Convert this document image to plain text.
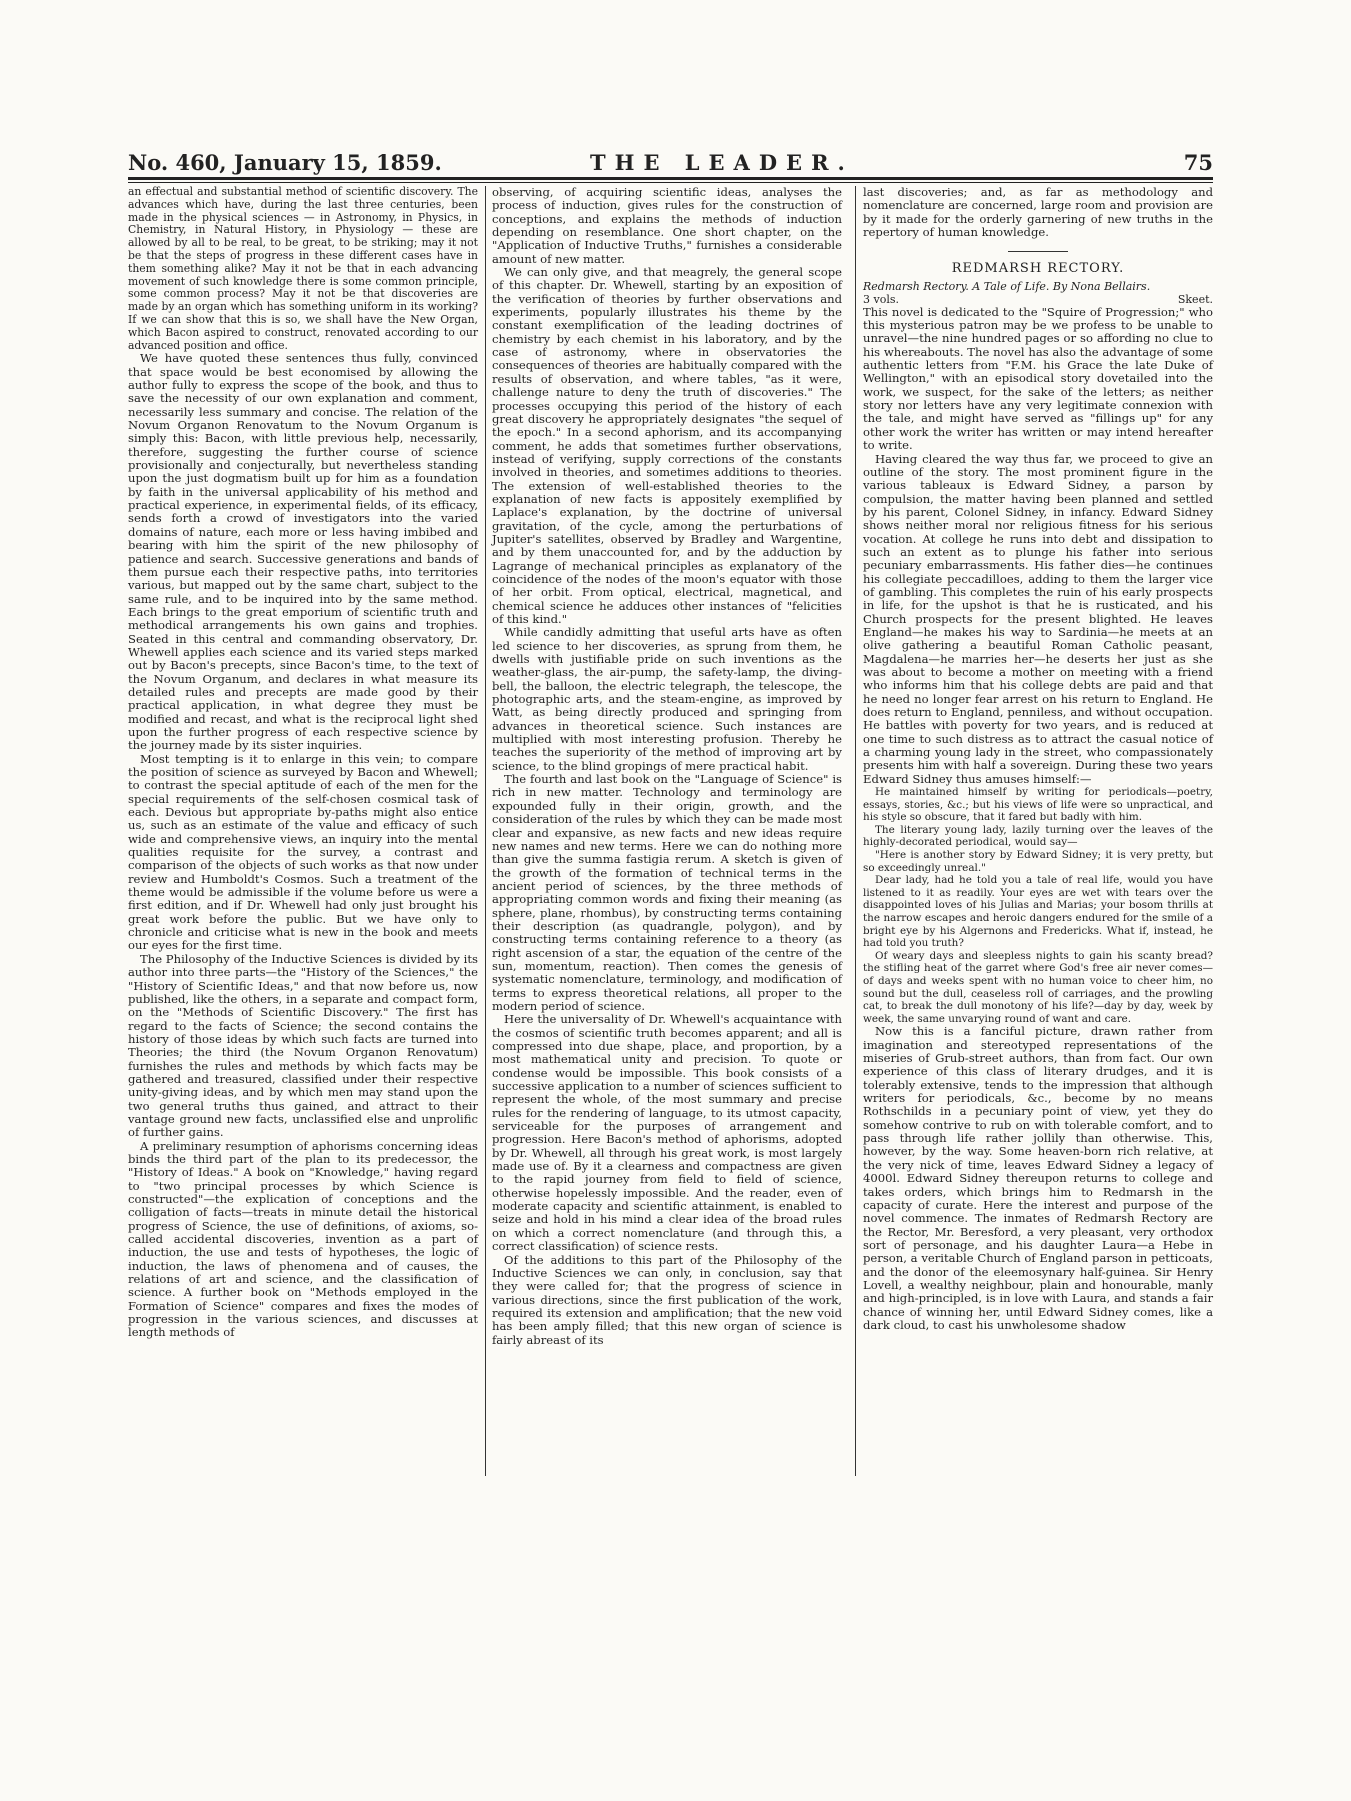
No. 460, January 15, 1859.	THE LEADER.	75

an effectual and substantial method of scientific discovery. The advances which have, during the last three centuries, been made in the physical sciences — in Astronomy, in Physics, in Chemistry, in Natural History, in Physiology — these are allowed by all to be real, to be great, to be striking; may it not be that the steps of progress in these different cases have in them something alike? May it not be that in each advancing movement of such knowledge there is some common principle, some common process? May it not be that discoveries are made by an organ which has something uniform in its working? If we can show that this is so, we shall have the New Organ, which Bacon aspired to construct, renovated according to our advanced position and office.

We have quoted these sentences thus fully, convinced that space would be best economised by allowing the author fully to express the scope of the book, and thus to save the necessity of our own explanation and comment, necessarily less summary and concise. The relation of the Novum Organon Renovatum to the Novum Organum is simply this: Bacon, with little previous help, necessarily, therefore, suggesting the further course of science provisionally and conjecturally, but nevertheless standing upon the just dogmatism built up for him as a foundation by faith in the universal applicability of his method and practical experience, in experimental fields, of its efficacy, sends forth a crowd of investigators into the varied domains of nature, each more or less having imbibed and bearing with him the spirit of the new philosophy of patience and search. Successive generations and bands of them pursue each their respective paths, into territories various, but mapped out by the same chart, subject to the same rule, and to be inquired into by the same method. Each brings to the great emporium of scientific truth and methodical arrangements his own gains and trophies. Seated in this central and commanding observatory, Dr. Whewell applies each science and its varied steps marked out by Bacon's precepts, since Bacon's time, to the text of the Novum Organum, and declares in what measure its detailed rules and precepts are made good by their practical application, in what degree they must be modified and recast, and what is the reciprocal light shed upon the further progress of each respective science by the journey made by its sister inquiries.

Most tempting is it to enlarge in this vein; to compare the position of science as surveyed by Bacon and Whewell; to contrast the special aptitude of each of the men for the special requirements of the self-chosen cosmical task of each. Devious but appropriate by-paths might also entice us, such as an estimate of the value and efficacy of such wide and comprehensive views, an inquiry into the mental qualities requisite for the survey, a contrast and comparison of the objects of such works as that now under review and Humboldt's Cosmos. Such a treatment of the theme would be admissible if the volume before us were a first edition, and if Dr. Whewell had only just brought his great work before the public. But we have only to chronicle and criticise what is new in the book and meets our eyes for the first time.

The Philosophy of the Inductive Sciences is divided by its author into three parts—the "History of the Sciences," the "History of Scientific Ideas," and that now before us, now published, like the others, in a separate and compact form, on the "Methods of Scientific Discovery." The first has regard to the facts of Science; the second contains the history of those ideas by which such facts are turned into Theories; the third (the Novum Organon Renovatum) furnishes the rules and methods by which facts may be gathered and treasured, classified under their respective unity-giving ideas, and by which men may stand upon the two general truths thus gained, and attract to their vantage ground new facts, unclassified else and unprolific of further gains.

A preliminary resumption of aphorisms concerning ideas binds the third part of the plan to its predecessor, the "History of Ideas." A book on "Knowledge," having regard to "two principal processes by which Science is constructed"—the explication of conceptions and the colligation of facts—treats in minute detail the historical progress of Science, the use of definitions, of axioms, so-called accidental discoveries, invention as a part of induction, the use and tests of hypotheses, the logic of induction, the laws of phenomena and of causes, the relations of art and science, and the classification of science. A further book on "Methods employed in the Formation of Science" compares and fixes the modes of progression in the various sciences, and discusses at length methods of

observing, of acquiring scientific ideas, analyses the process of induction, gives rules for the construction of conceptions, and explains the methods of induction depending on resemblance. One short chapter, on the "Application of Inductive Truths," furnishes a considerable amount of new matter.

We can only give, and that meagrely, the general scope of this chapter. Dr. Whewell, starting by an exposition of the verification of theories by further observations and experiments, popularly illustrates his theme by the constant exemplification of the leading doctrines of chemistry by each chemist in his laboratory, and by the case of astronomy, where in observatories the consequences of theories are habitually compared with the results of observation, and where tables, "as it were, challenge nature to deny the truth of discoveries." The processes occupying this period of the history of each great discovery he appropriately designates "the sequel of the epoch." In a second aphorism, and its accompanying comment, he adds that sometimes further observations, instead of verifying, supply corrections of the constants involved in theories, and sometimes additions to theories. The extension of well-established theories to the explanation of new facts is appositely exemplified by Laplace's explanation, by the doctrine of universal gravitation, of the cycle, among the perturbations of Jupiter's satellites, observed by Bradley and Wargentine, and by them unaccounted for, and by the adduction by Lagrange of mechanical principles as explanatory of the coincidence of the nodes of the moon's equator with those of her orbit. From optical, electrical, magnetical, and chemical science he adduces other instances of "felicities of this kind."

While candidly admitting that useful arts have as often led science to her discoveries, as sprung from them, he dwells with justifiable pride on such inventions as the weather-glass, the air-pump, the safety-lamp, the diving-bell, the balloon, the electric telegraph, the telescope, the photographic arts, and the steam-engine, as improved by Watt, as being directly produced and springing from advances in theoretical science. Such instances are multiplied with most interesting profusion. Thereby he teaches the superiority of the method of improving art by science, to the blind gropings of mere practical habit.

The fourth and last book on the "Language of Science" is rich in new matter. Technology and terminology are expounded fully in their origin, growth, and the consideration of the rules by which they can be made most clear and expansive, as new facts and new ideas require new names and new terms. Here we can do nothing more than give the summa fastigia rerum. A sketch is given of the growth of the formation of technical terms in the ancient period of sciences, by the three methods of appropriating common words and fixing their meaning (as sphere, plane, rhombus), by constructing terms containing their description (as quadrangle, polygon), and by constructing terms containing reference to a theory (as right ascension of a star, the equation of the centre of the sun, momentum, reaction). Then comes the genesis of systematic nomenclature, terminology, and modification of terms to express theoretical relations, all proper to the modern period of science.

Here the universality of Dr. Whewell's acquaintance with the cosmos of scientific truth becomes apparent; and all is compressed into due shape, place, and proportion, by a most mathematical unity and precision. To quote or condense would be impossible. This book consists of a successive application to a number of sciences sufficient to represent the whole, of the most summary and precise rules for the rendering of language, to its utmost capacity, serviceable for the purposes of arrangement and progression. Here Bacon's method of aphorisms, adopted by Dr. Whewell, all through his great work, is most largely made use of. By it a clearness and compactness are given to the rapid journey from field to field of science, otherwise hopelessly impossible. And the reader, even of moderate capacity and scientific attainment, is enabled to seize and hold in his mind a clear idea of the broad rules on which a correct nomenclature (and through this, a correct classification) of science rests.

Of the additions to this part of the Philosophy of the Inductive Sciences we can only, in conclusion, say that they were called for; that the progress of science in various directions, since the first publication of the work, required its extension and amplification; that the new void has been amply filled; that this new organ of science is fairly abreast of its

last discoveries; and, as far as methodology and nomenclature are concerned, large room and provision are by it made for the orderly garnering of new truths in the repertory of human knowledge.

REDMARSH RECTORY.
Redmarsh Rectory. A Tale of Life. By Nona Bellairs.
3 vols.	Skeet.

This novel is dedicated to the "Squire of Progression;" who this mysterious patron may be we profess to be unable to unravel—the nine hundred pages or so affording no clue to his whereabouts. The novel has also the advantage of some authentic letters from "F.M. his Grace the late Duke of Wellington," with an episodical story dovetailed into the work, we suspect, for the sake of the letters; as neither story nor letters have any very legitimate connexion with the tale, and might have served as "fillings up" for any other work the writer has written or may intend hereafter to write.

Having cleared the way thus far, we proceed to give an outline of the story. The most prominent figure in the various tableaux is Edward Sidney, a parson by compulsion, the matter having been planned and settled by his parent, Colonel Sidney, in infancy. Edward Sidney shows neither moral nor religious fitness for his serious vocation. At college he runs into debt and dissipation to such an extent as to plunge his father into serious pecuniary embarrassments. His father dies—he continues his collegiate peccadilloes, adding to them the larger vice of gambling. This completes the ruin of his early prospects in life, for the upshot is that he is rusticated, and his Church prospects for the present blighted. He leaves England—he makes his way to Sardinia—he meets at an olive gathering a beautiful Roman Catholic peasant, Magdalena—he marries her—he deserts her just as she was about to become a mother on meeting with a friend who informs him that his college debts are paid and that he need no longer fear arrest on his return to England. He does return to England, penniless, and without occupation. He battles with poverty for two years, and is reduced at one time to such distress as to attract the casual notice of a charming young lady in the street, who compassionately presents him with half a sovereign. During these two years Edward Sidney thus amuses himself:—

He maintained himself by writing for periodicals—poetry, essays, stories, &c.; but his views of life were so unpractical, and his style so obscure, that it fared but badly with him.

The literary young lady, lazily turning over the leaves of the highly-decorated periodical, would say—

"Here is another story by Edward Sidney; it is very pretty, but so exceedingly unreal."

Dear lady, had he told you a tale of real life, would you have listened to it as readily. Your eyes are wet with tears over the disappointed loves of his Julias and Marias; your bosom thrills at the narrow escapes and heroic dangers endured for the smile of a bright eye by his Algernons and Fredericks. What if, instead, he had told you truth?

Of weary days and sleepless nights to gain his scanty bread? the stifling heat of the garret where God's free air never comes—of days and weeks spent with no human voice to cheer him, no sound but the dull, ceaseless roll of carriages, and the prowling cat, to break the dull monotony of his life?—day by day, week by week, the same unvarying round of want and care.

Now this is a fanciful picture, drawn rather from imagination and stereotyped representations of the miseries of Grub-street authors, than from fact. Our own experience of this class of literary drudges, and it is tolerably extensive, tends to the impression that although writers for periodicals, &c., become by no means Rothschilds in a pecuniary point of view, yet they do somehow contrive to rub on with tolerable comfort, and to pass through life rather jollily than otherwise. This, however, by the way. Some heaven-born rich relative, at the very nick of time, leaves Edward Sidney a legacy of 4000l. Edward Sidney thereupon returns to college and takes orders, which brings him to Redmarsh in the capacity of curate. Here the interest and purpose of the novel commence. The inmates of Redmarsh Rectory are the Rector, Mr. Beresford, a very pleasant, very orthodox sort of personage, and his daughter Laura—a Hebe in person, a veritable Church of England parson in petticoats, and the donor of the eleemosynary half-guinea. Sir Henry Lovell, a wealthy neighbour, plain and honourable, manly and high-principled, is in love with Laura, and stands a fair chance of winning her, until Edward Sidney comes, like a dark cloud, to cast his unwholesome shadow
